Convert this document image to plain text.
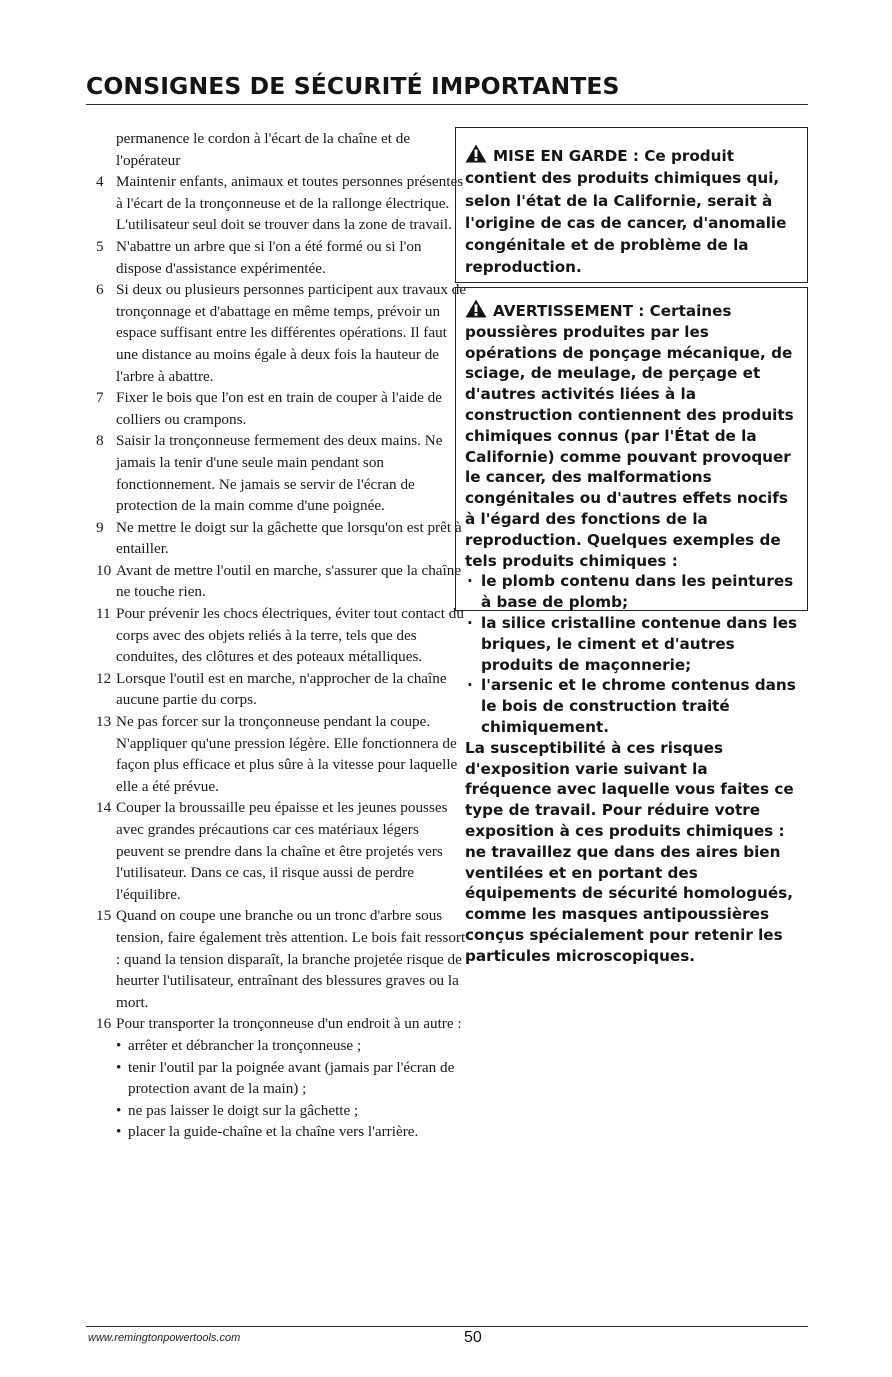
CONSIGNES DE SÉCURITÉ IMPORTANTES

permanence le cordon à l'écart de la chaîne et de l'opérateur

4 Maintenir enfants, animaux et toutes personnes présentes à l'écart de la tronçonneuse et de la rallonge électrique. L'utilisateur seul doit se trouver dans la zone de travail.
5 N'abattre un arbre que si l'on a été formé ou si l'on dispose d'assistance expérimentée.
6 Si deux ou plusieurs personnes participent aux travaux de tronçonnage et d'abattage en même temps, prévoir un espace suffisant entre les différentes opérations. Il faut une distance au moins égale à deux fois la hauteur de l'arbre à abattre.
7 Fixer le bois que l'on est en train de couper à l'aide de colliers ou crampons.
8 Saisir la tronçonneuse fermement des deux mains. Ne jamais la tenir d'une seule main pendant son fonctionnement. Ne jamais se servir de l'écran de protection de la main comme d'une poignée.
9 Ne mettre le doigt sur la gâchette que lorsqu'on est prêt à entailler.
10 Avant de mettre l'outil en marche, s'assurer que la chaîne ne touche rien.
11 Pour prévenir les chocs électriques, éviter tout contact du corps avec des objets reliés à la terre, tels que des conduites, des clôtures et des poteaux métalliques.
12 Lorsque l'outil est en marche, n'approcher de la chaîne aucune partie du corps.
13 Ne pas forcer sur la tronçonneuse pendant la coupe. N'appliquer qu'une pression légère. Elle fonctionnera de façon plus efficace et plus sûre à la vitesse pour laquelle elle a été prévue.
14 Couper la broussaille peu épaisse et les jeunes pousses avec grandes précautions car ces matériaux légers peuvent se prendre dans la chaîne et être projetés vers l'utilisateur. Dans ce cas, il risque aussi de perdre l'équilibre.
15 Quand on coupe une branche ou un tronc d'arbre sous tension, faire également très attention. Le bois fait ressort : quand la tension disparaît, la branche projetée risque de heurter l'utilisateur, entraînant des blessures graves ou la mort.
16 Pour transporter la tronçonneuse d'un endroit à un autre :
• arrêter et débrancher la tronçonneuse ;
• tenir l'outil par la poignée avant (jamais par l'écran de protection avant de la main) ;
• ne pas laisser le doigt sur la gâchette ;
• placer la guide-chaîne et la chaîne vers l'arrière.

MISE EN GARDE : Ce produit contient des produits chimiques qui, selon l'état de la Californie, serait à l'origine de cas de cancer, d'anomalie congénitale et de problème de la reproduction.

AVERTISSEMENT : Certaines poussières produites par les opérations de ponçage mécanique, de sciage, de meulage, de perçage et d'autres activités liées à la construction contiennent des produits chimiques connus (par l'État de la Californie) comme pouvant provoquer le cancer, des malformations congénitales ou d'autres effets nocifs à l'égard des fonctions de la reproduction. Quelques exemples de tels produits chimiques :

· le plomb contenu dans les peintures à base de plomb;
· la silice cristalline contenue dans les briques, le ciment et d'autres produits de maçonnerie;
· l'arsenic et le chrome contenus dans le bois de construction traité chimiquement.

La susceptibilité à ces risques d'exposition varie suivant la fréquence avec laquelle vous faites ce type de travail. Pour réduire votre exposition à ces produits chimiques : ne travaillez que dans des aires bien ventilées et en portant des équipements de sécurité homologués, comme les masques antipoussières conçus spécialement pour retenir les particules microscopiques.

www.remingtonpowertools.com	50
